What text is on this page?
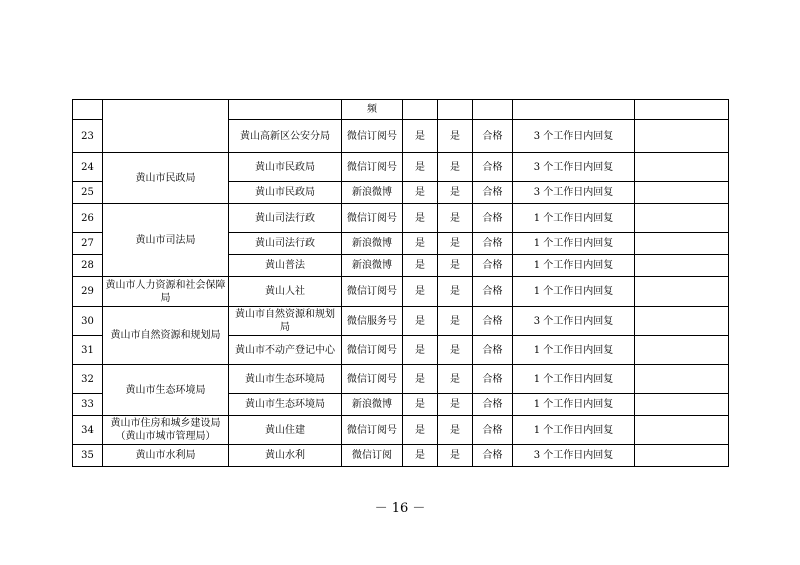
			频					
23		黄山高新区公安分局	微信订阅号	是	是	合格	3 个工作日内回复	
24	黄山市民政局	黄山市民政局	微信订阅号	是	是	合格	3 个工作日内回复	
25		黄山市民政局	新浪微博	是	是	合格	3 个工作日内回复	
26	黄山市司法局	黄山司法行政	微信订阅号	是	是	合格	1 个工作日内回复	
27		黄山司法行政	新浪微博	是	是	合格	1 个工作日内回复	
28		黄山普法	新浪微博	是	是	合格	1 个工作日内回复	
29	黄山市人力资源和社会保障局	黄山人社	微信订阅号	是	是	合格	1 个工作日内回复	
30	黄山市自然资源和规划局	黄山市自然资源和规划局	微信服务号	是	是	合格	3 个工作日内回复	
31		黄山市不动产登记中心	微信订阅号	是	是	合格	1 个工作日内回复	
32	黄山市生态环境局	黄山市生态环境局	微信订阅号	是	是	合格	1 个工作日内回复	
33		黄山市生态环境局	新浪微博	是	是	合格	1 个工作日内回复	
34	黄山市住房和城乡建设局（黄山市城市管理局）	黄山住建	微信订阅号	是	是	合格	1 个工作日内回复	
35	黄山市水利局	黄山水利	微信订阅	是	是	合格	3 个工作日内回复	
－ 16 －
